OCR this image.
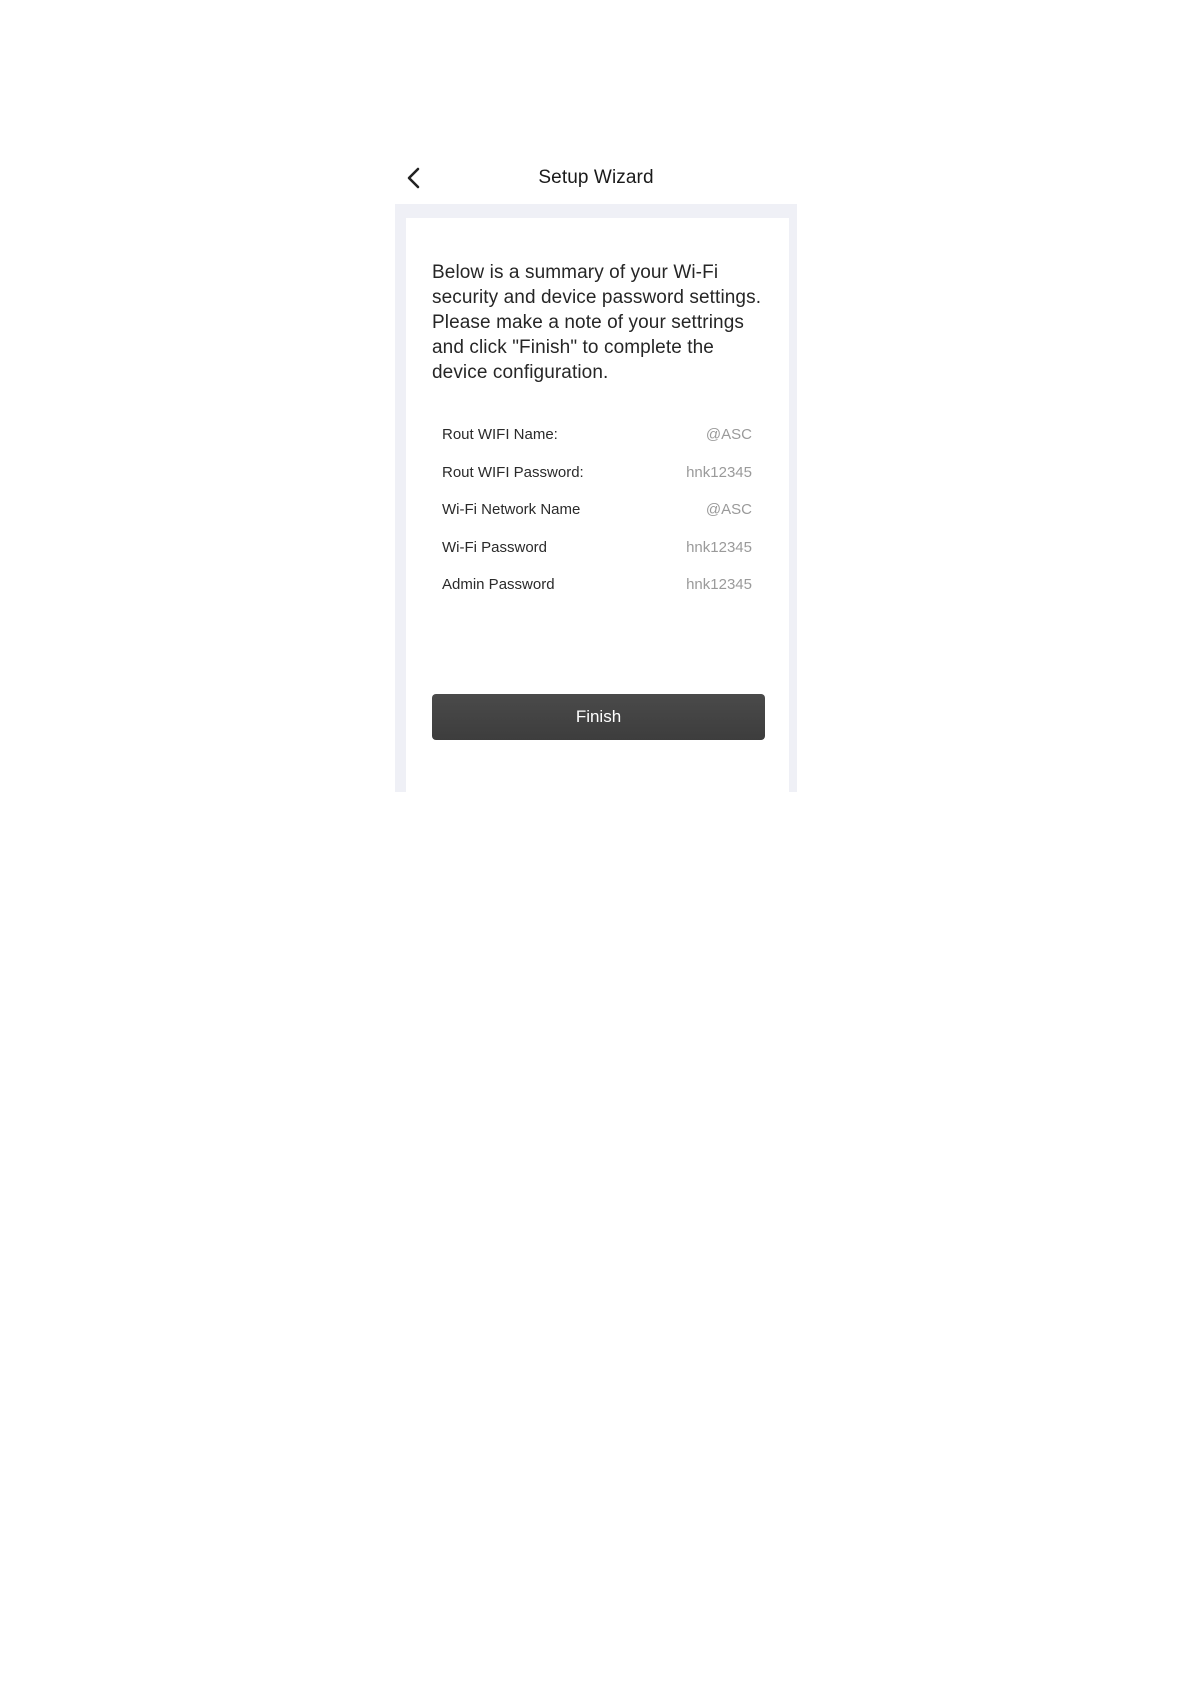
Setup Wizard
Below is a summary of your Wi-Fi security and device password settings. Please make a note of your settrings and click "Finish" to complete the device configuration.
Rout WIFI Name:	@ASC
Rout WIFI Password:	hnk12345
Wi-Fi Network Name	@ASC
Wi-Fi Password	hnk12345
Admin Password	hnk12345
Finish
